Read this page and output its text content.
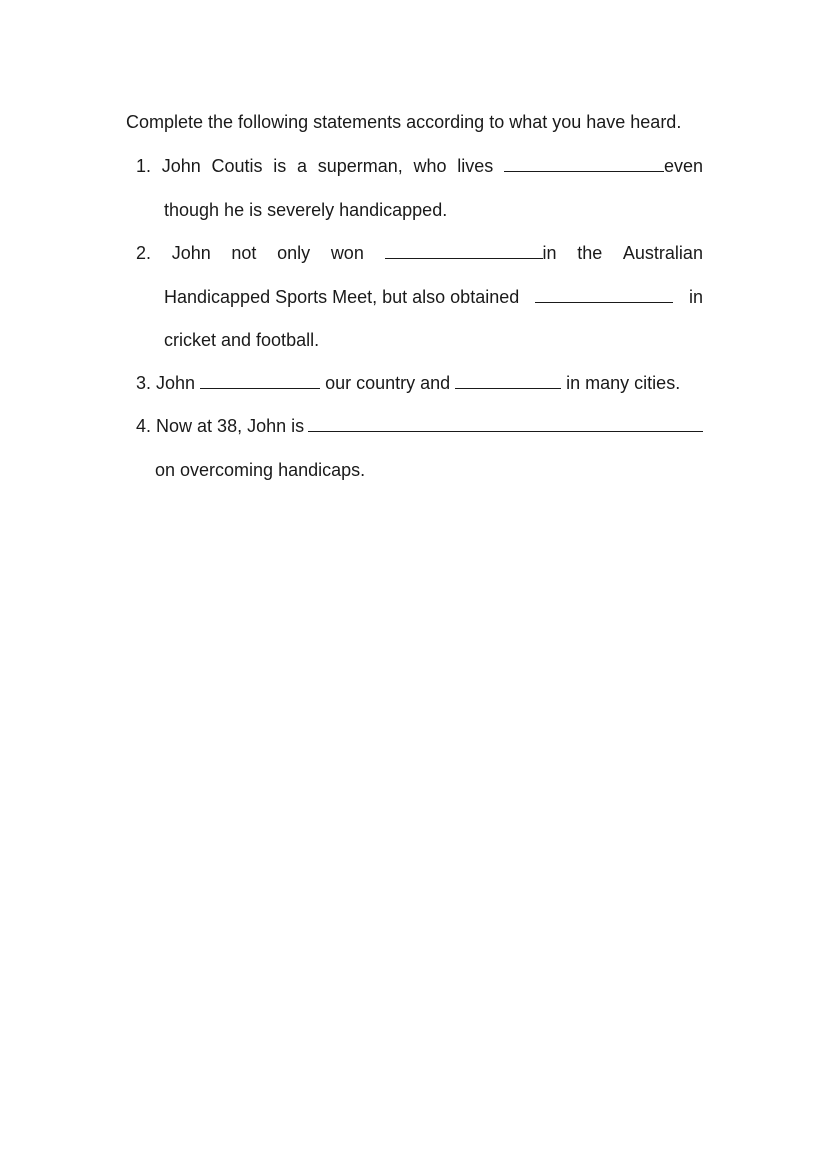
Complete the following statements according to what you have heard.
1. John Coutis is a superman, who lives	even
though he is severely handicapped.
2. John not only won	in the Australian
Handicapped Sports Meet, but also obtained	in
cricket and football.
3. John	our country and	in many cities.
4. Now at 38, John is
on overcoming handicaps.
